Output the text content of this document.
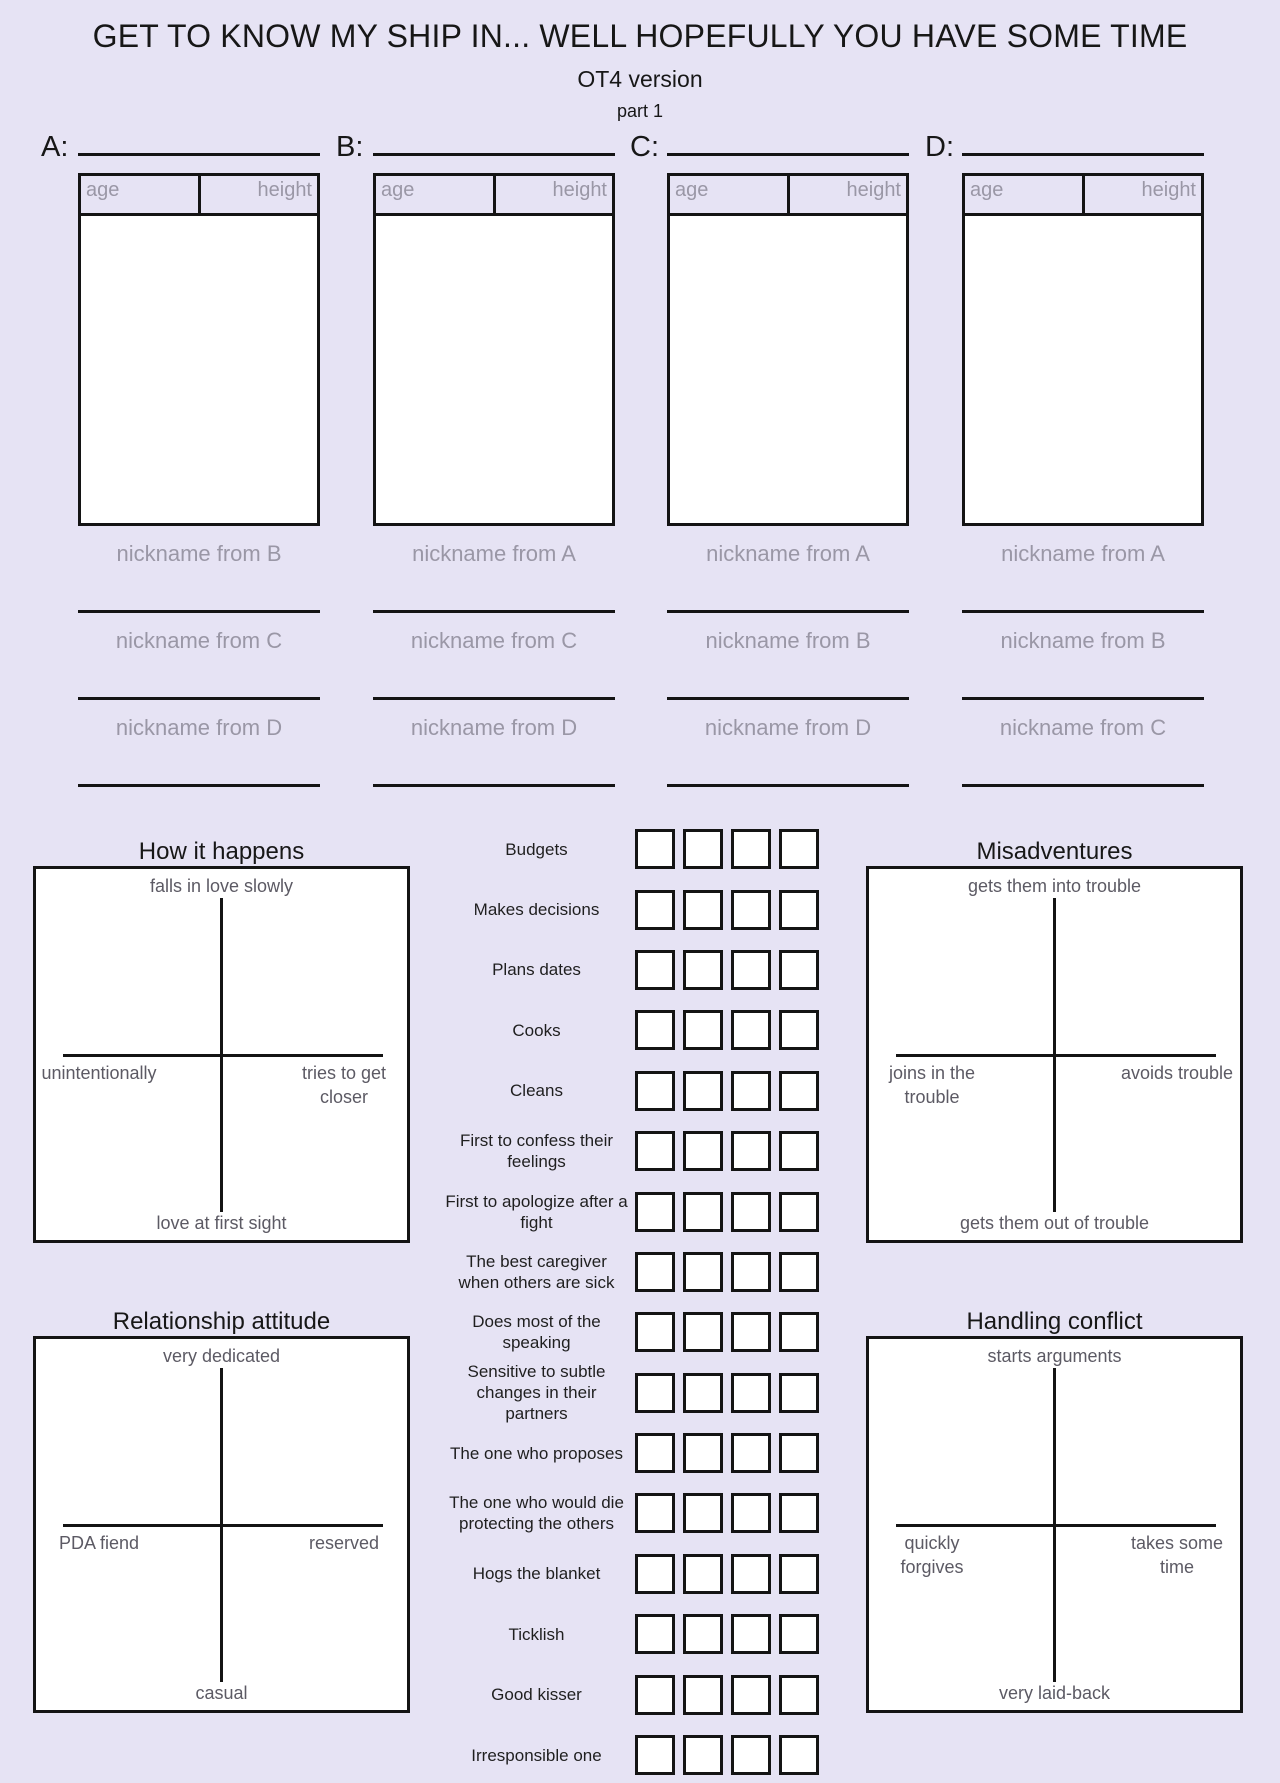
GET TO KNOW MY SHIP IN... WELL HOPEFULLY YOU HAVE SOME TIME
OT4 version
part 1
A:
age	height
nickname from B
nickname from C
nickname from D
B:
age	height
nickname from A
nickname from C
nickname from D
C:
age	height
nickname from A
nickname from B
nickname from D
D:
age	height
nickname from A
nickname from B
nickname from C
Budgets
Makes decisions
Plans dates
Cooks
Cleans
First to confess their feelings
First to apologize after a fight
The best caregiver when others are sick
Does most of the speaking
Sensitive to subtle changes in their partners
The one who proposes
The one who would die protecting the others
Hogs the blanket
Ticklish
Good kisser
Irresponsible one
How it happens
falls in love slowly
unintentionally	tries to get closer
love at first sight
Misadventures
gets them into trouble
joins in the trouble
avoids trouble
gets them out of trouble
Relationship attitude
very dedicated
PDA fiend	reserved
casual
Handling conflict
starts arguments
quickly forgives
takes some time
very laid-back
